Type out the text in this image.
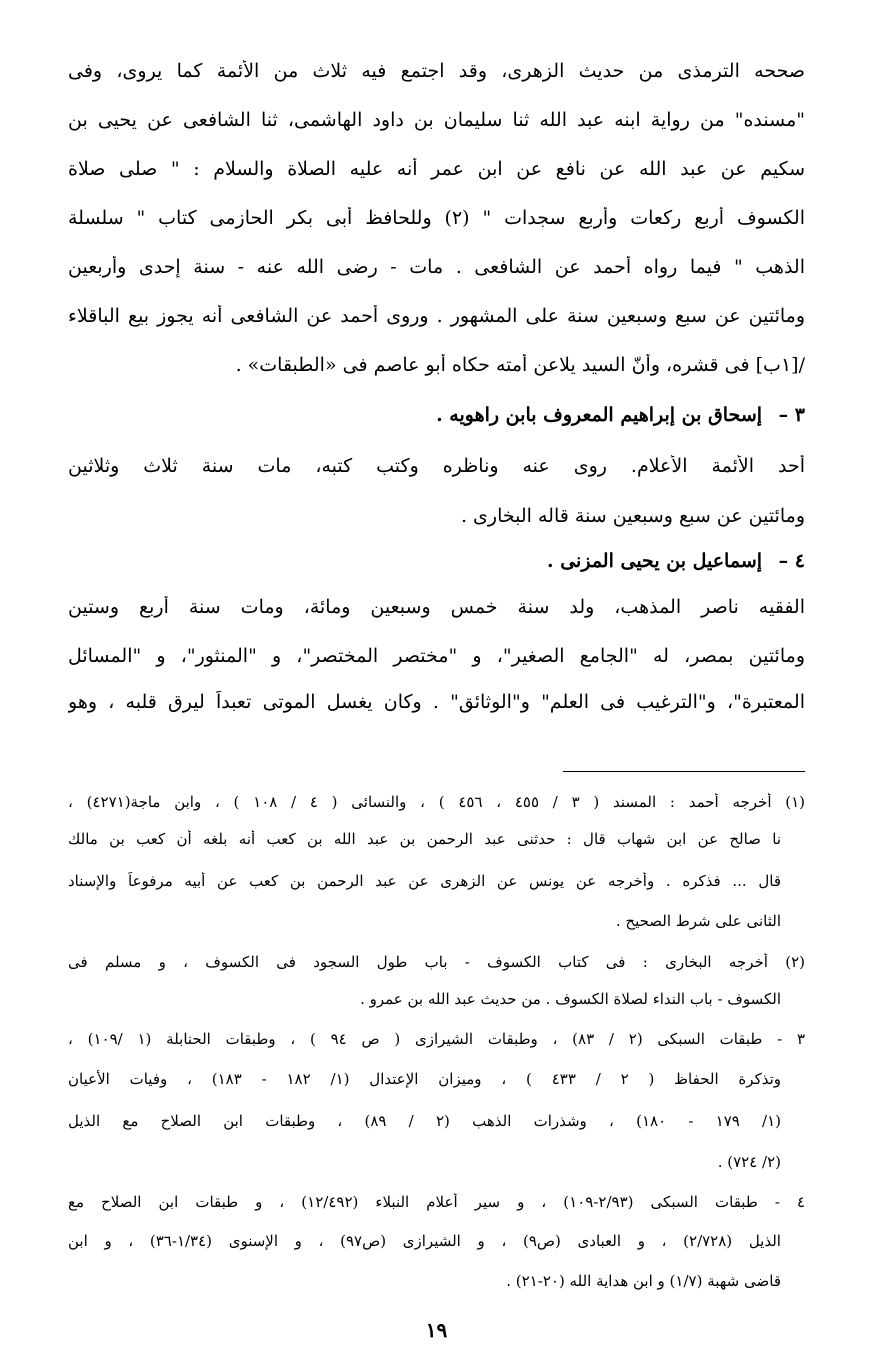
صححه الترمذى من حديث الزهرى، وقد اجتمع فيه ثلاث من الأئمة كما يروى، وفى
"مسنده" من رواية ابنه عبد الله ثنا سليمان بن داود الهاشمى، ثنا الشافعى عن يحيى بن
سكيم عن عبد الله عن نافع عن ابن عمر أنه عليه الصلاة والسلام : " صلى صلاة
الكسوف أربع ركعات وأربع سجدات " (٢) وللحافظ أبى بكر الحازمى كتاب " سلسلة
الذهب " فيما رواه أحمد عن الشافعى . مات - رضى الله عنه - سنة إحدى وأربعين
ومائتين عن سبع وسبعين سنة على المشهور . وروى أحمد عن الشافعى أنه يجوز بيع الباقلاء
/[١ب] فى قشره، وأنّ السيد يلاعن أمته حكاه أبو عاصم فى «الطبقات» .
٣ – إسحاق بن إبراهيم المعروف بابن راهويه .
أحد الأئمة الأعلام. روى عنه وناظره وكتب كتبه، مات سنة ثلاث وثلاثين
ومائتين عن سبع وسبعين سنة قاله البخارى .
٤ – إسماعيل بن يحيى المزنى .
الفقيه ناصر المذهب، ولد سنة خمس وسبعين ومائة، ومات سنة أربع وستين
ومائتين بمصر، له "الجامع الصغير"، و "مختصر المختصر"، و "المنثور"، و "المسائل
المعتبرة"، و"الترغيب فى العلم" و"الوثائق" . وكان يغسل الموتى تعبداً ليرق قلبه ، وهو
(١) أخرجه أحمد : المسند ( ٣ / ٤٥٥ ، ٤٥٦ ) ، والنسائى ( ٤ / ١٠٨ ) ، وابن ماجة(٤٢٧١) ،
نا صالح عن ابن شهاب قال : حدثنى عبد الرحمن بن عبد الله بن كعب أنه بلغه أن كعب بن مالك
قال ... فذكره . وأخرجه عن يونس عن الزهرى عن عبد الرحمن بن كعب عن أبيه مرفوعاً والإسناد
الثانى على شرط الصحيح .
(٢) أخرجه البخارى : فى كتاب الكسوف - باب طول السجود فى الكسوف ، و مسلم فى
الكسوف - باب النداء لصلاة الكسوف . من حديث عبد الله بن عمرو .
٣ - طبقات السبكى (٢ / ٨٣) ، وطبقات الشيرازى ( ص ٩٤ ) ، وطبقات الحنابلة (١ /١٠٩) ،
وتذكرة الحفاظ ( ٢ / ٤٣٣ ) ، وميزان الإعتدال (١/ ١٨٢ - ١٨٣) ، وفيات الأعيان
(١/ ١٧٩ - ١٨٠) ، وشذرات الذهب (٢ / ٨٩) ، وطبقات ابن الصلاح مع الذيل
(٢/ ٧٢٤) .
٤ - طبقات السبكى (٢/٩٣-١٠٩) ، و سير أعلام النبلاء (١٢/٤٩٢) ، و طبقات ابن الصلاح مع
الذيل (٢/٧٢٨) ، و العبادى (ص٩) ، و الشيرازى (ص٩٧) ، و الإسنوى (١/٣٤-٣٦) ، و ابن
قاضى شهبة (١/٧) و ابن هداية الله (٢٠-٢١) .
١٩
